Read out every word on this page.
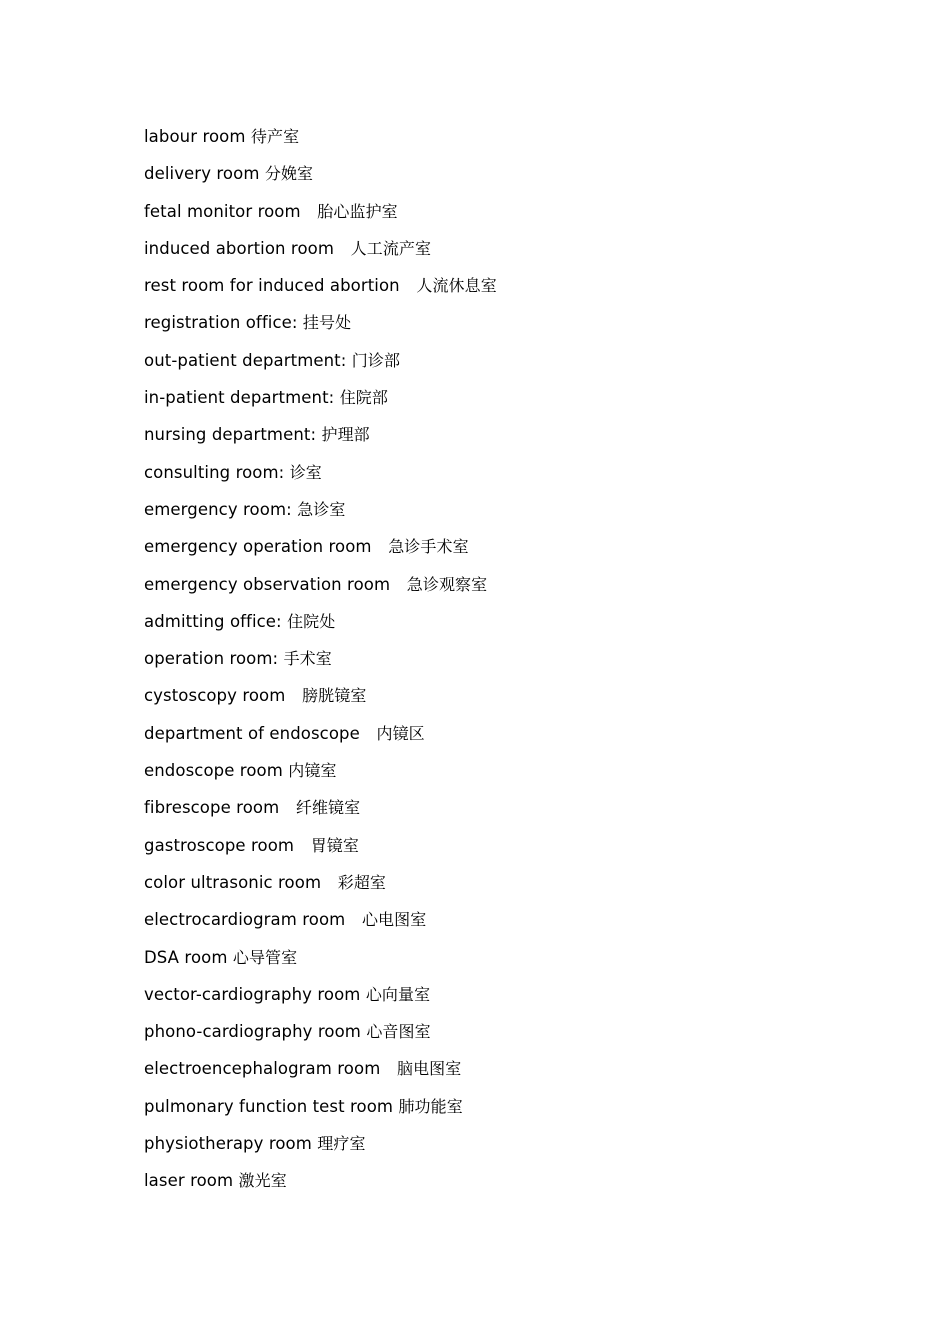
labour room 待产室
delivery room 分娩室
fetal monitor room　胎心监护室
induced abortion room　人工流产室
rest room for induced abortion　人流休息室
registration office: 挂号处
out-patient department: 门诊部
in-patient department: 住院部
nursing department: 护理部
consulting room: 诊室
emergency room: 急诊室
emergency operation room　急诊手术室
emergency observation room　急诊观察室
admitting office: 住院处
operation room: 手术室
cystoscopy room　膀胱镜室
department of endoscope　内镜区
endoscope room 内镜室
fibrescope room　纤维镜室
gastroscope room　胃镜室
color ultrasonic room　彩超室
electrocardiogram room　心电图室
DSA room 心导管室
vector-cardiography room 心向量室
phono-cardiography room 心音图室
electroencephalogram room　脑电图室
pulmonary function test room 肺功能室
physiotherapy room 理疗室
laser room 激光室
